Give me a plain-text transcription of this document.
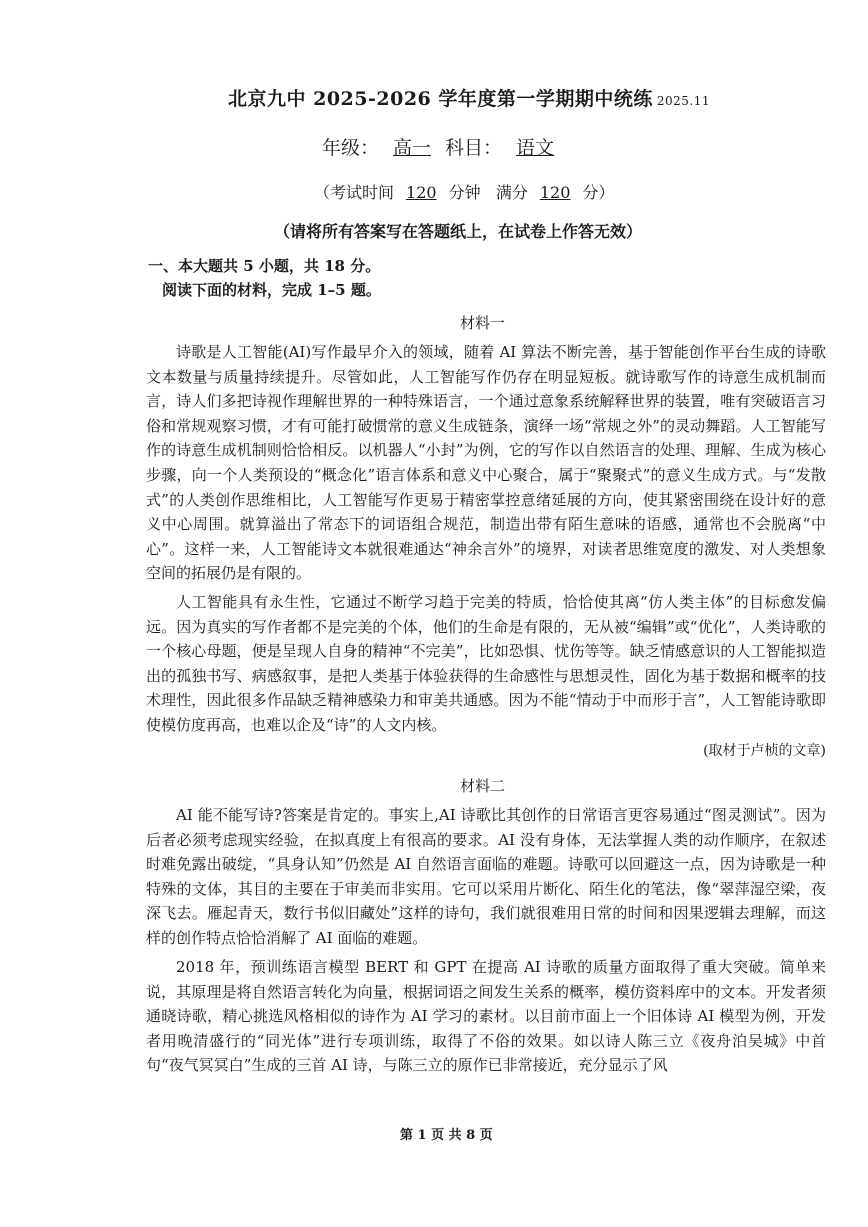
北京九中 2025-2026 学年度第一学期期中统练 2025.11
年级： 高一 科目： 语文
（考试时间 120 分钟 满分 120 分）
（请将所有答案写在答题纸上，在试卷上作答无效）
一、本大题共 5 小题，共 18 分。
阅读下面的材料，完成 1–5 题。
材料一
诗歌是人工智能(AI)写作最早介入的领域，随着 AI 算法不断完善，基于智能创作平台生成的诗歌文本数量与质量持续提升。尽管如此，人工智能写作仍存在明显短板。就诗歌写作的诗意生成机制而言，诗人们多把诗视作理解世界的一种特殊语言，一个通过意象系统解释世界的装置，唯有突破语言习俗和常规观察习惯，才有可能打破惯常的意义生成链条，演绎一场“常规之外”的灵动舞蹈。人工智能写作的诗意生成机制则恰恰相反。以机器人“小封”为例，它的写作以自然语言的处理、理解、生成为核心步骤，向一个人类预设的“概念化”语言体系和意义中心聚合，属于“聚聚式”的意义生成方式。与“发散式”的人类创作思维相比，人工智能写作更易于精密掌控意绪延展的方向，使其紧密围绕在设计好的意义中心周围。就算溢出了常态下的词语组合规范，制造出带有陌生意味的语感，通常也不会脱离“中心”。这样一来，人工智能诗文本就很难通达“神余言外”的境界，对读者思维宽度的激发、对人类想象空间的拓展仍是有限的。
人工智能具有永生性，它通过不断学习趋于完美的特质，恰恰使其离“仿人类主体”的目标愈发偏远。因为真实的写作者都不是完美的个体，他们的生命是有限的，无从被“编辑”或“优化”，人类诗歌的一个核心母题，便是呈现人自身的精神“不完美”，比如恐惧、忧伤等等。缺乏情感意识的人工智能拟造出的孤独书写、病感叙事，是把人类基于体验获得的生命感性与思想灵性，固化为基于数据和概率的技术理性，因此很多作品缺乏精神感染力和审美共通感。因为不能“情动于中而形于言”，人工智能诗歌即使模仿度再高，也难以企及“诗”的人文内核。
(取材于卢桢的文章)
材料二
AI 能不能写诗?答案是肯定的。事实上,AI 诗歌比其创作的日常语言更容易通过“图灵测试”。因为后者必须考虑现实经验，在拟真度上有很高的要求。AI 没有身体，无法掌握人类的动作顺序，在叙述时难免露出破绽，“具身认知”仍然是 AI 自然语言面临的难题。诗歌可以回避这一点，因为诗歌是一种特殊的文体，其目的主要在于审美而非实用。它可以采用片断化、陌生化的笔法，像“翠萍湿空梁，夜深飞去。雁起青天，数行书似旧藏处”这样的诗句，我们就很难用日常的时间和因果逻辑去理解，而这样的创作特点恰恰消解了 AI 面临的难题。
2018 年，预训练语言模型 BERT 和 GPT 在提高 AI 诗歌的质量方面取得了重大突破。简单来说，其原理是将自然语言转化为向量，根据词语之间发生关系的概率，模仿资料库中的文本。开发者须通晓诗歌，精心挑选风格相似的诗作为 AI 学习的素材。以目前市面上一个旧体诗 AI 模型为例，开发者用晚清盛行的“同光体”进行专项训练，取得了不俗的效果。如以诗人陈三立《夜舟泊吴城》中首句“夜气冥冥白”生成的三首 AI 诗，与陈三立的原作已非常接近，充分显示了风
第 1 页 共 8 页
